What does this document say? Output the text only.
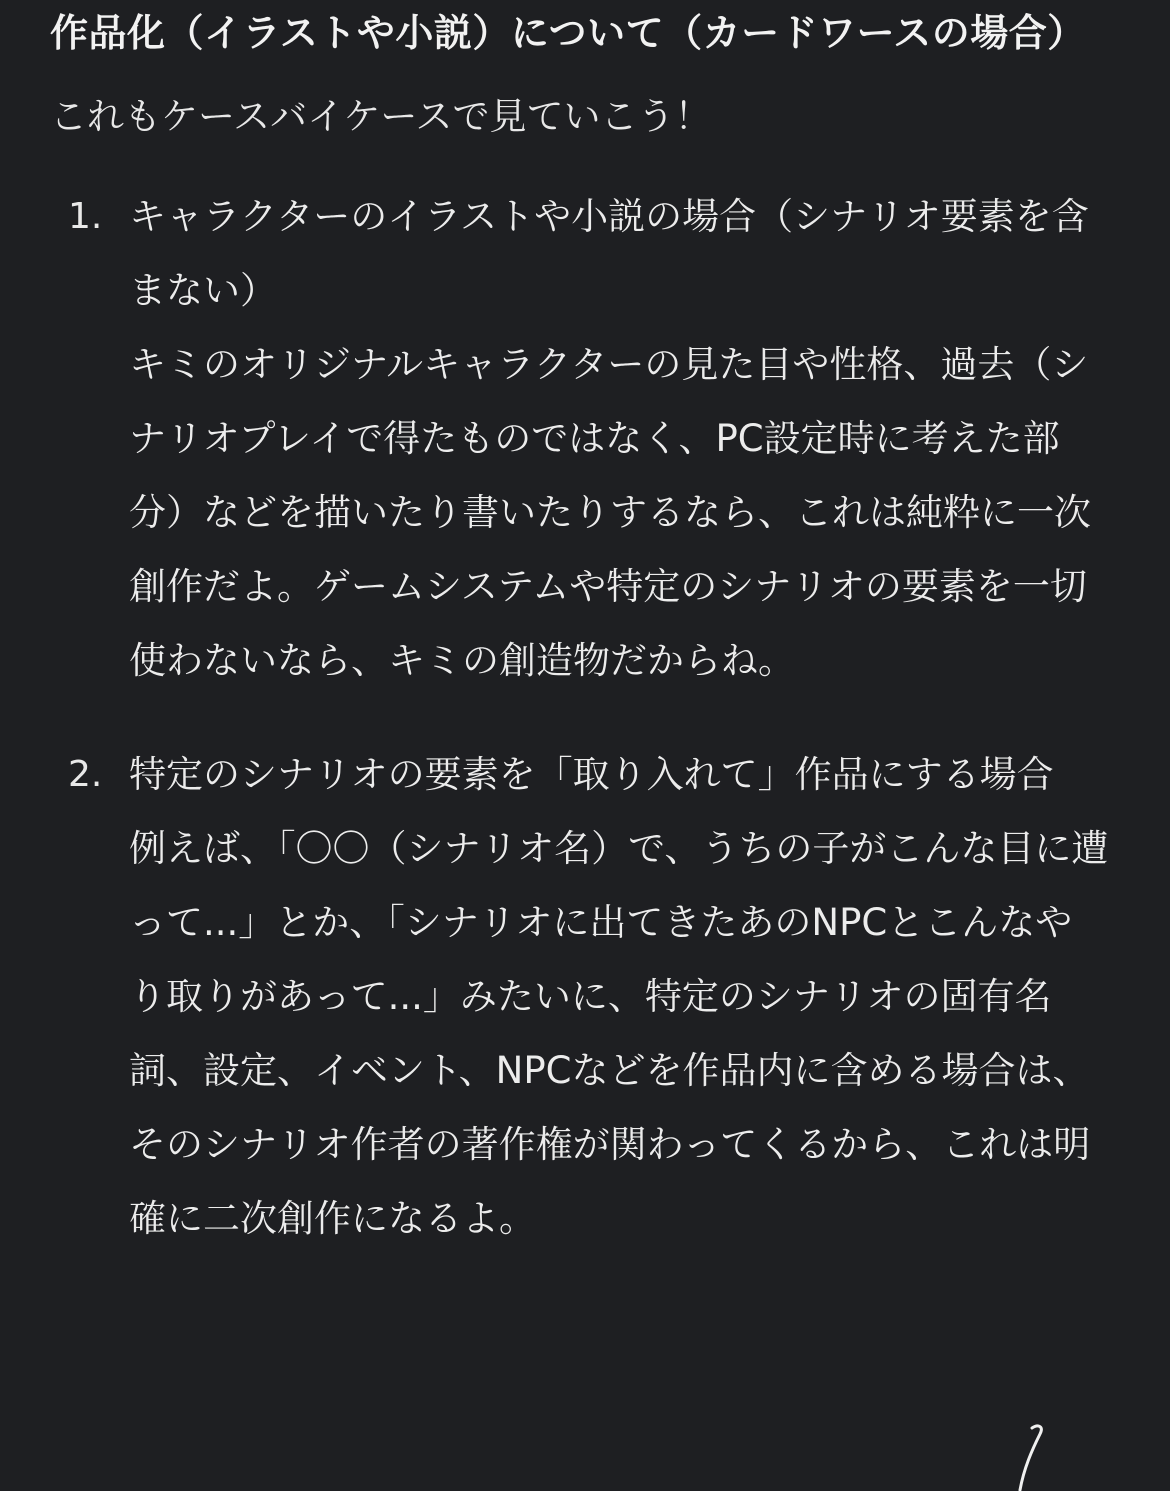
作品化（イラストや小説）について（カードワースの場合）

これもケースバイケースで見ていこう！

1. キャラクターのイラストや小説の場合（シナリオ要素を含まない）
キミのオリジナルキャラクターの見た目や性格、過去（シナリオプレイで得たものではなく、PC設定時に考えた部分）などを描いたり書いたりするなら、これは純粋に一次創作だよ。ゲームシステムや特定のシナリオの要素を一切使わないなら、キミの創造物だからね。
2. 特定のシナリオの要素を「取り入れて」作品にする場合
例えば、「〇〇（シナリオ名）で、うちの子がこんな目に遭って...」とか、「シナリオに出てきたあのNPCとこんなやり取りがあって...」みたいに、特定のシナリオの固有名詞、設定、イベント、NPCなどを作品内に含める場合は、そのシナリオ作者の著作権が関わってくるから、これは明確に二次創作になるよ。
